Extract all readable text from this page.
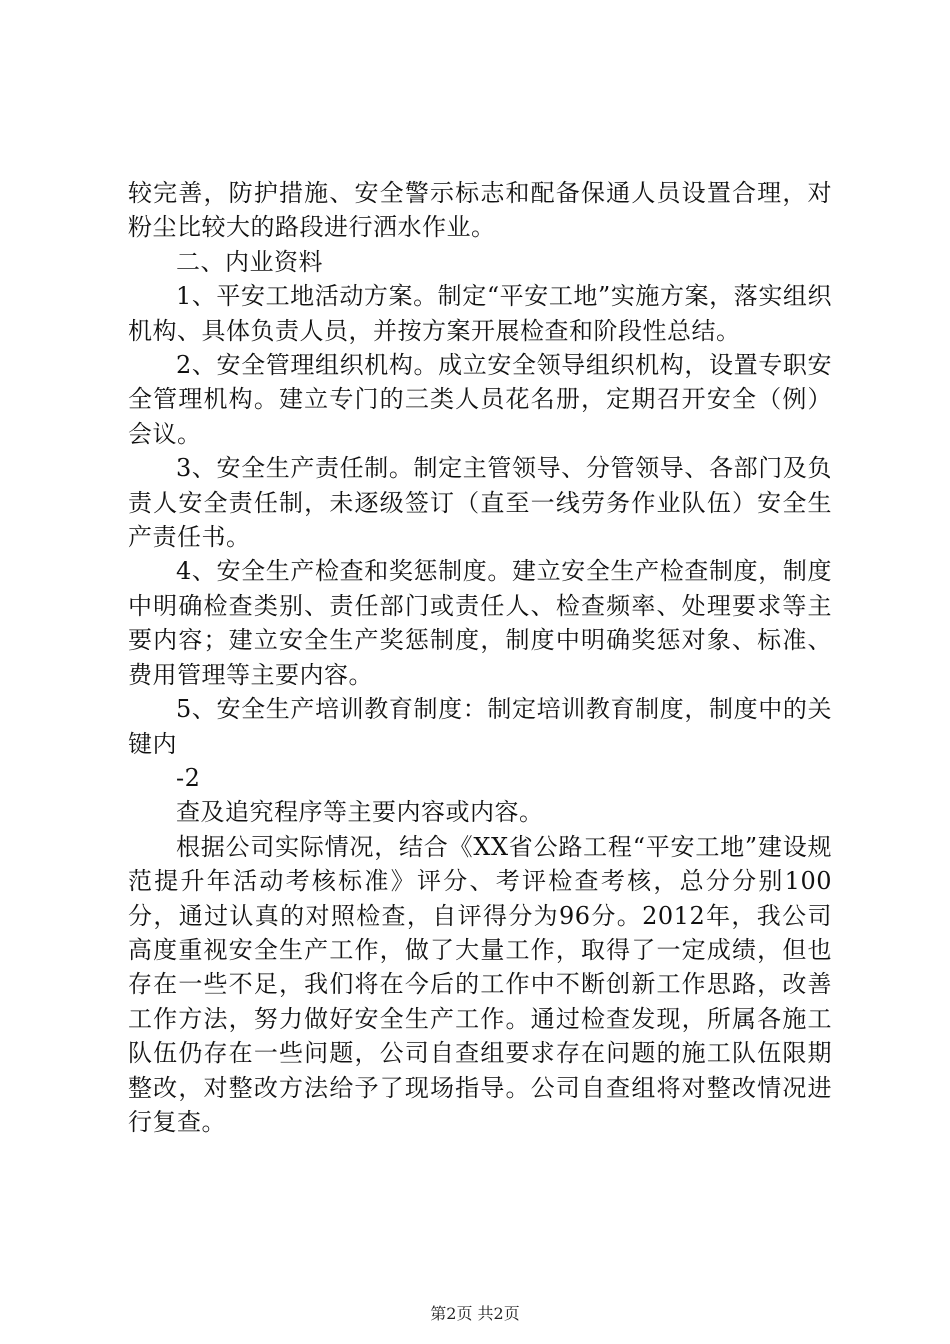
较完善，防护措施、安全警示标志和配备保通人员设置合理，对粉尘比较大的路段进行洒水作业。

二、内业资料

1、平安工地活动方案。制定“平安工地”实施方案，落实组织机构、具体负责人员，并按方案开展检查和阶段性总结。

2、安全管理组织机构。成立安全领导组织机构，设置专职安全管理机构。建立专门的三类人员花名册，定期召开安全（例）会议。

3、安全生产责任制。制定主管领导、分管领导、各部门及负责人安全责任制，未逐级签订（直至一线劳务作业队伍）安全生产责任书。

4、安全生产检查和奖惩制度。建立安全生产检查制度，制度中明确检查类别、责任部门或责任人、检查频率、处理要求等主要内容；建立安全生产奖惩制度，制度中明确奖惩对象、标准、费用管理等主要内容。

5、安全生产培训教育制度：制定培训教育制度，制度中的关键内

-2

查及追究程序等主要内容或内容。

根据公司实际情况，结合《XX省公路工程“平安工地”建设规范提升年活动考核标准》评分、考评检查考核，总分分别100分，通过认真的对照检查，自评得分为96分。2012年，我公司高度重视安全生产工作，做了大量工作，取得了一定成绩，但也存在一些不足，我们将在今后的工作中不断创新工作思路，改善工作方法，努力做好安全生产工作。通过检查发现，所属各施工队伍仍存在一些问题，公司自查组要求存在问题的施工队伍限期整改，对整改方法给予了现场指导。公司自查组将对整改情况进行复查。

第2页 共2页
